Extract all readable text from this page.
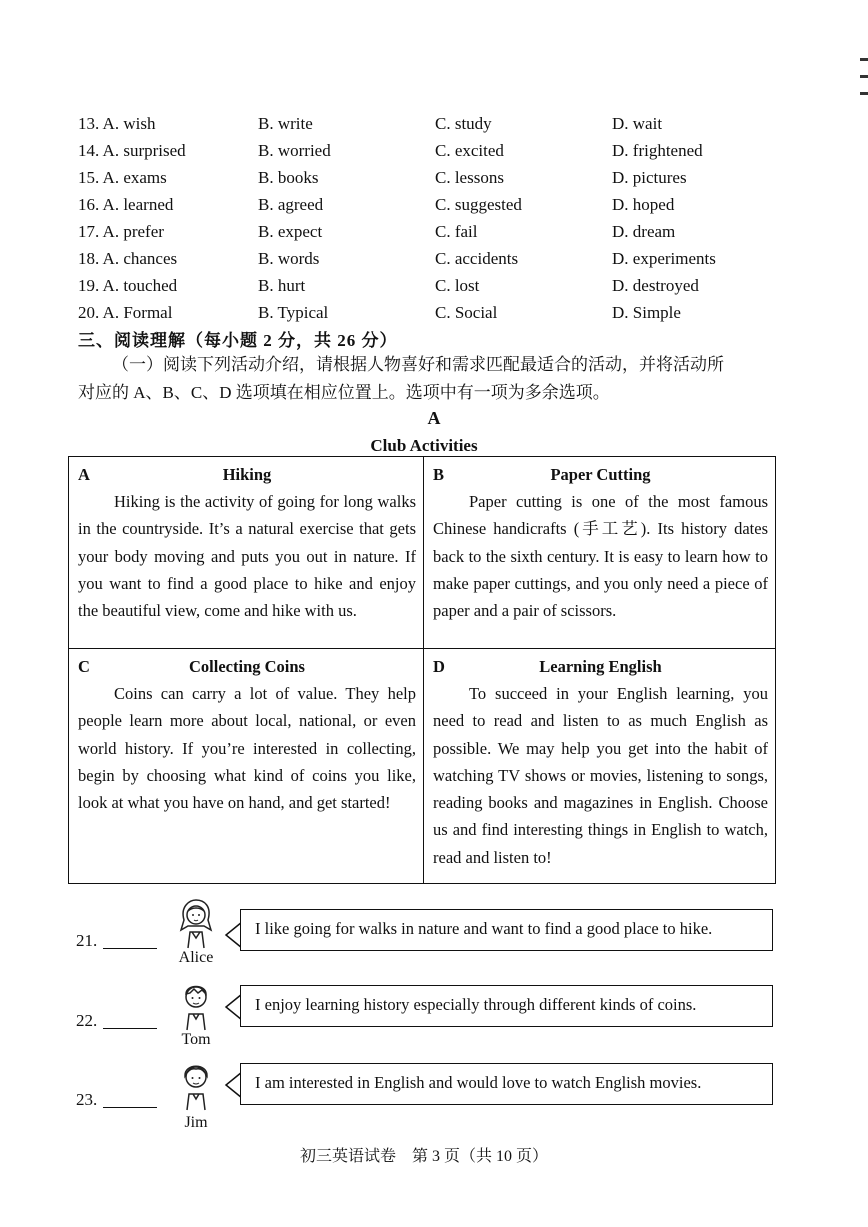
13. A. wish	B. write	C. study	D. wait
14. A. surprised	B. worried	C. excited	D. frightened
15. A. exams	B. books	C. lessons	D. pictures
16. A. learned	B. agreed	C. suggested	D. hoped
17. A. prefer	B. expect	C. fail	D. dream
18. A. chances	B. words	C. accidents	D. experiments
19. A. touched	B. hurt	C. lost	D. destroyed
20. A. Formal	B. Typical	C. Social	D. Simple
三、阅读理解（每小题 2 分，共 26 分）

（一）阅读下列活动介绍，请根据人物喜好和需求匹配最适合的活动，并将活动所

对应的 A、B、C、D 选项填在相应位置上。选项中有一项为多余选项。

A
Club Activities
A	Hiking

Hiking is the activity of going for long walks in the countryside. It’s a natural exercise that gets your body moving and puts you out in nature. If you want to find a good place to hike and enjoy the beautiful view, come and hike with us.

B	Paper Cutting

Paper cutting is one of the most famous Chinese handicrafts (手工艺). Its history dates back to the sixth century. It is easy to learn how to make paper cuttings, and you only need a piece of paper and a pair of scissors.

C	Collecting Coins

Coins can carry a lot of value. They help people learn more about local, national, or even world history. If you’re interested in collecting, begin by choosing what kind of coins you like, look at what you have on hand, and get started!

D	Learning English

To succeed in your English learning, you need to read and listen to as much English as possible. We may help you get into the habit of watching TV shows or movies, listening to songs, reading books and magazines in English. Choose us and find interesting things in English to watch, read and listen to!

21.
Alice
I like going for walks in nature and want to find a good place to hike.
22.
Tom
I enjoy learning history especially through different kinds of coins.
23.
Jim
I am interested in English and would love to watch English movies.
初三英语试卷　第 3 页（共 10 页）
